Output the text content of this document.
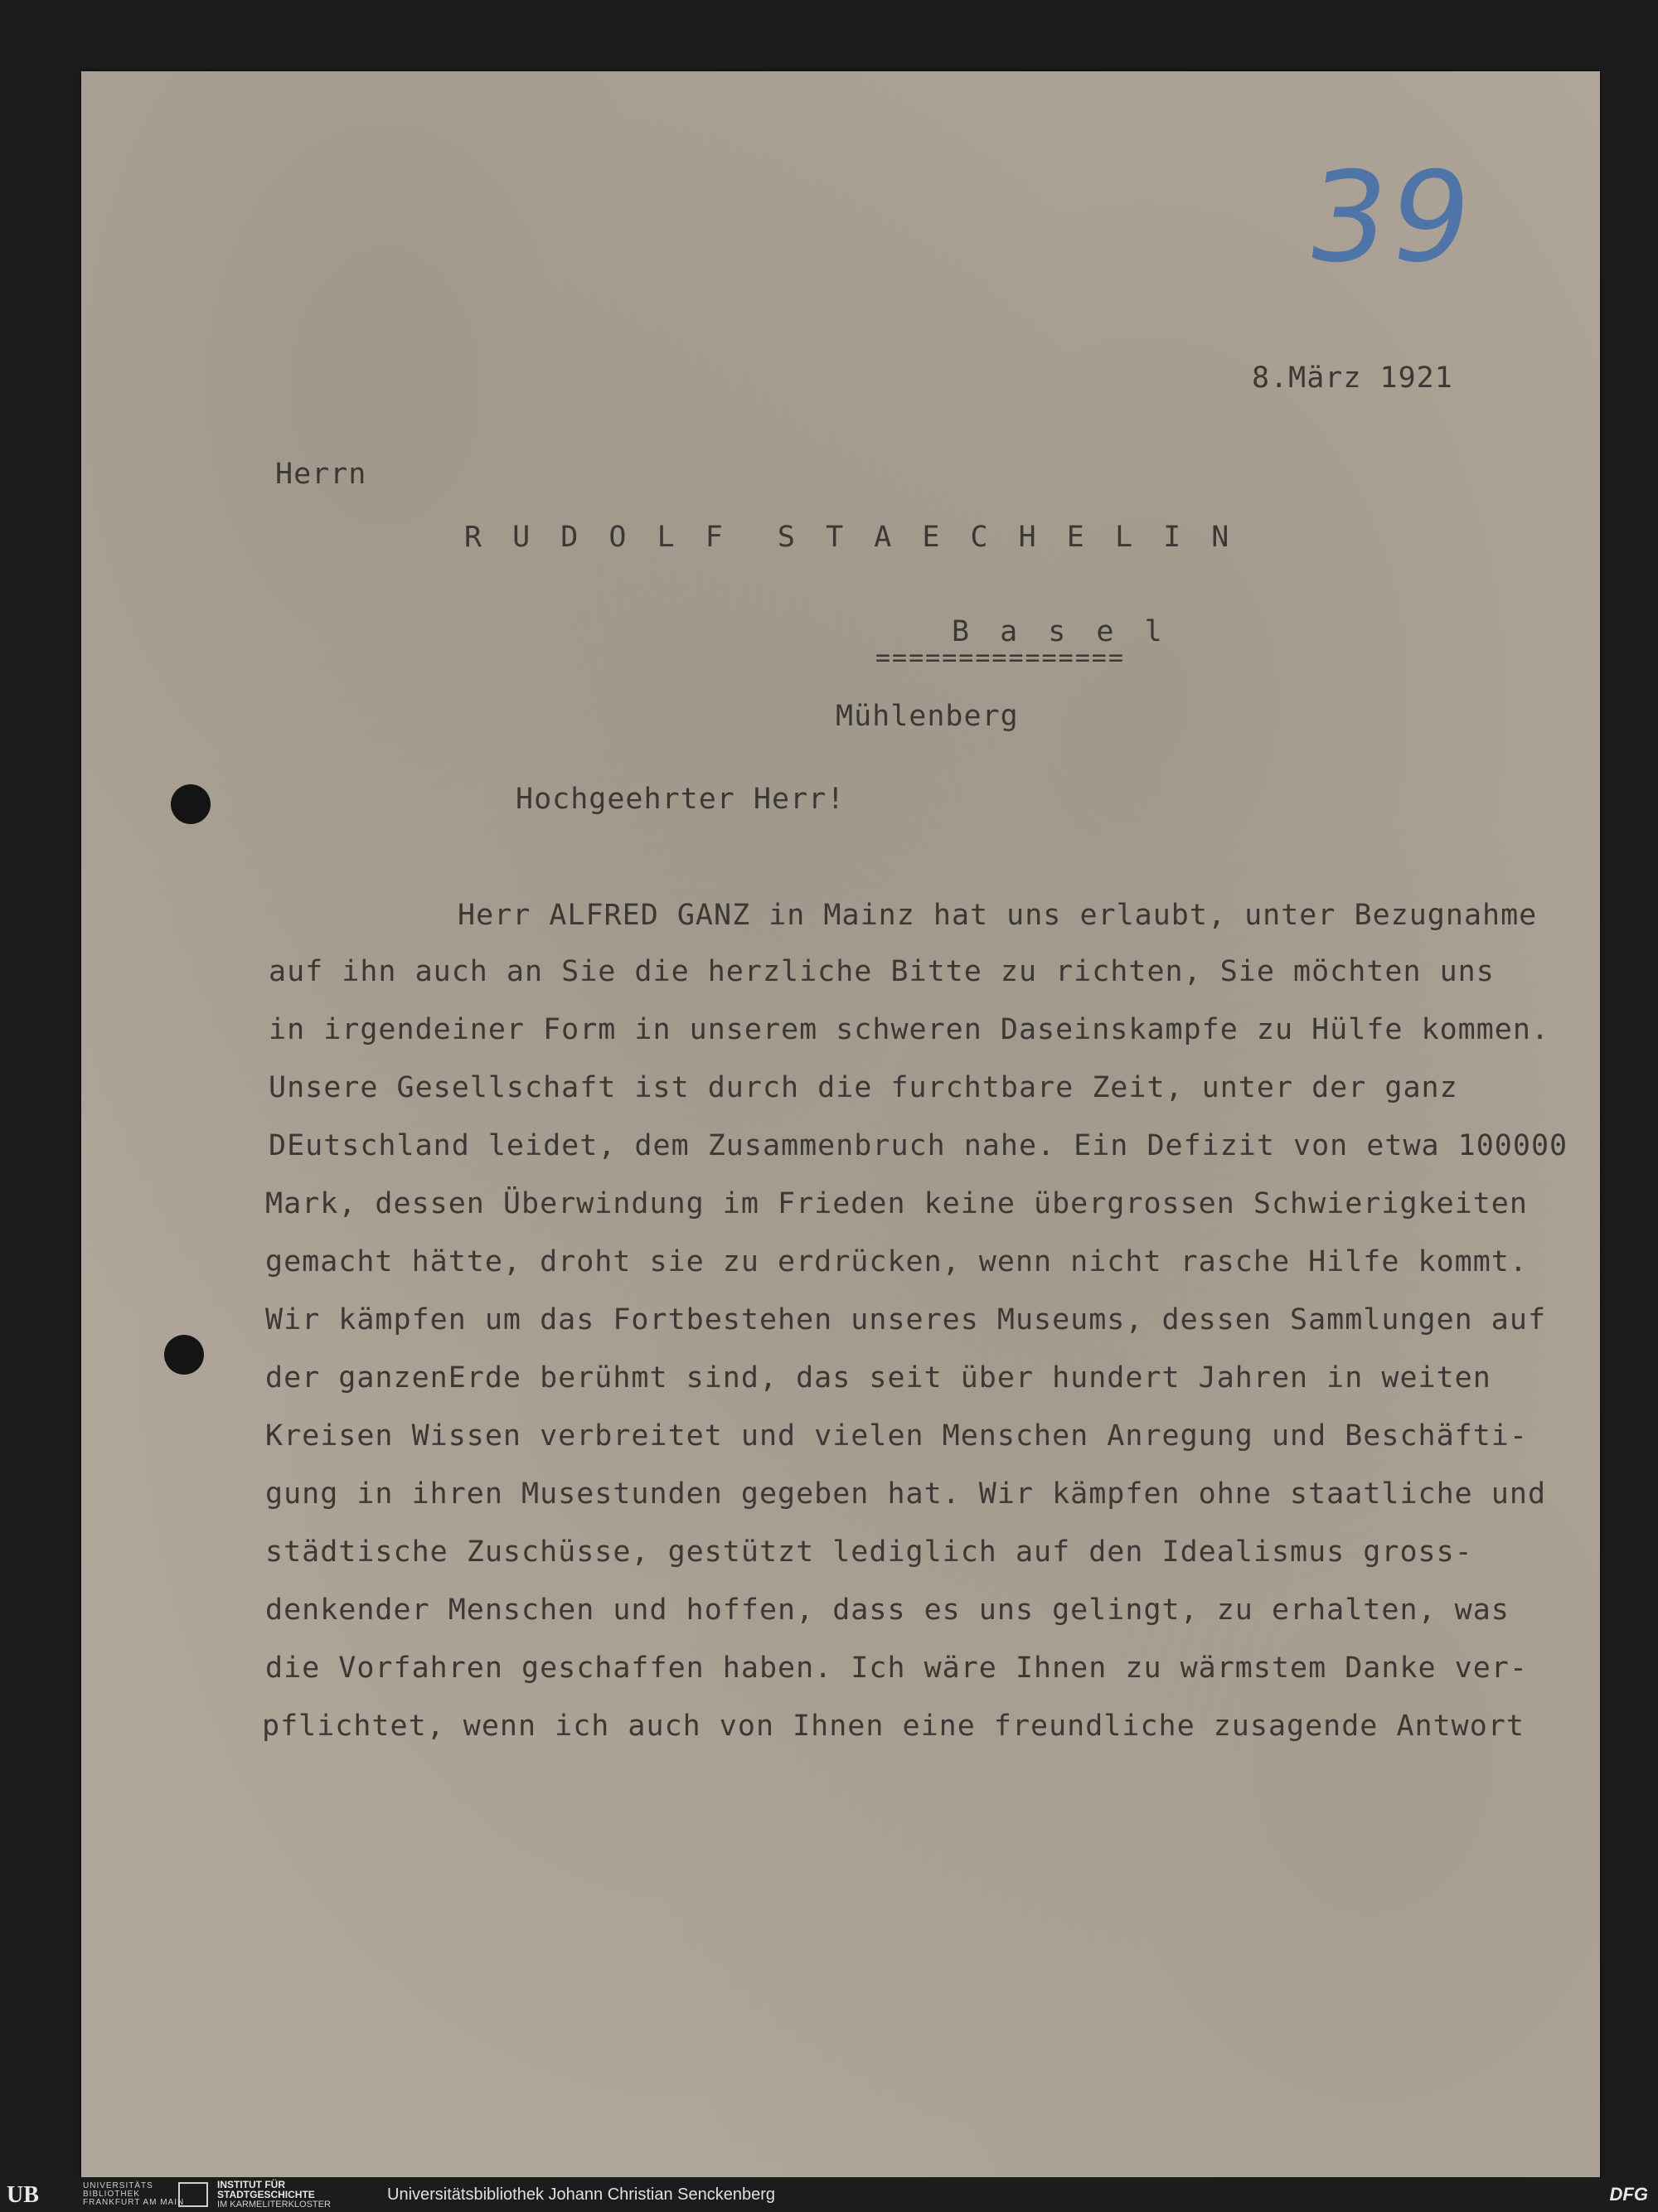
39
8.März 1921
Herrn
R U D O L F  S T A E C H E L I N
B a s e l
===============
Mühlenberg
Hochgeehrter Herr!
Herr ALFRED GANZ in Mainz hat uns erlaubt, unter Bezugnahme
auf ihn auch an Sie die herzliche Bitte zu richten, Sie möchten uns
in irgendeiner Form in unserem schweren Daseinskampfe zu Hülfe kommen.
Unsere Gesellschaft ist durch die furchtbare Zeit, unter der ganz
DEutschland leidet, dem Zusammenbruch nahe. Ein Defizit von etwa 100000
Mark, dessen Überwindung im Frieden keine übergrossen Schwierigkeiten
gemacht hätte, droht sie zu erdrücken, wenn nicht rasche Hilfe kommt.
Wir kämpfen um das Fortbestehen unseres Museums, dessen Sammlungen auf
der ganzenErde berühmt sind, das seit über hundert Jahren in weiten
Kreisen Wissen verbreitet und vielen Menschen Anregung und Beschäfti-
gung in ihren Musestunden gegeben hat. Wir kämpfen ohne staatliche und
städtische Zuschüsse, gestützt lediglich auf den Idealismus gross-
denkender Menschen und hoffen, dass es uns gelingt, zu erhalten, was
die Vorfahren geschaffen haben. Ich wäre Ihnen zu wärmstem Danke ver-
pflichtet, wenn ich auch von Ihnen eine freundliche zusagende Antwort
UB	UNIVERSITÄTS
BIBLIOTHEK
FRANKFURT AM MAIN
INSTITUT FÜR
STADTGESCHICHTE
IM KARMELITERKLOSTER
Universitätsbibliothek Johann Christian Senckenberg	DFG
